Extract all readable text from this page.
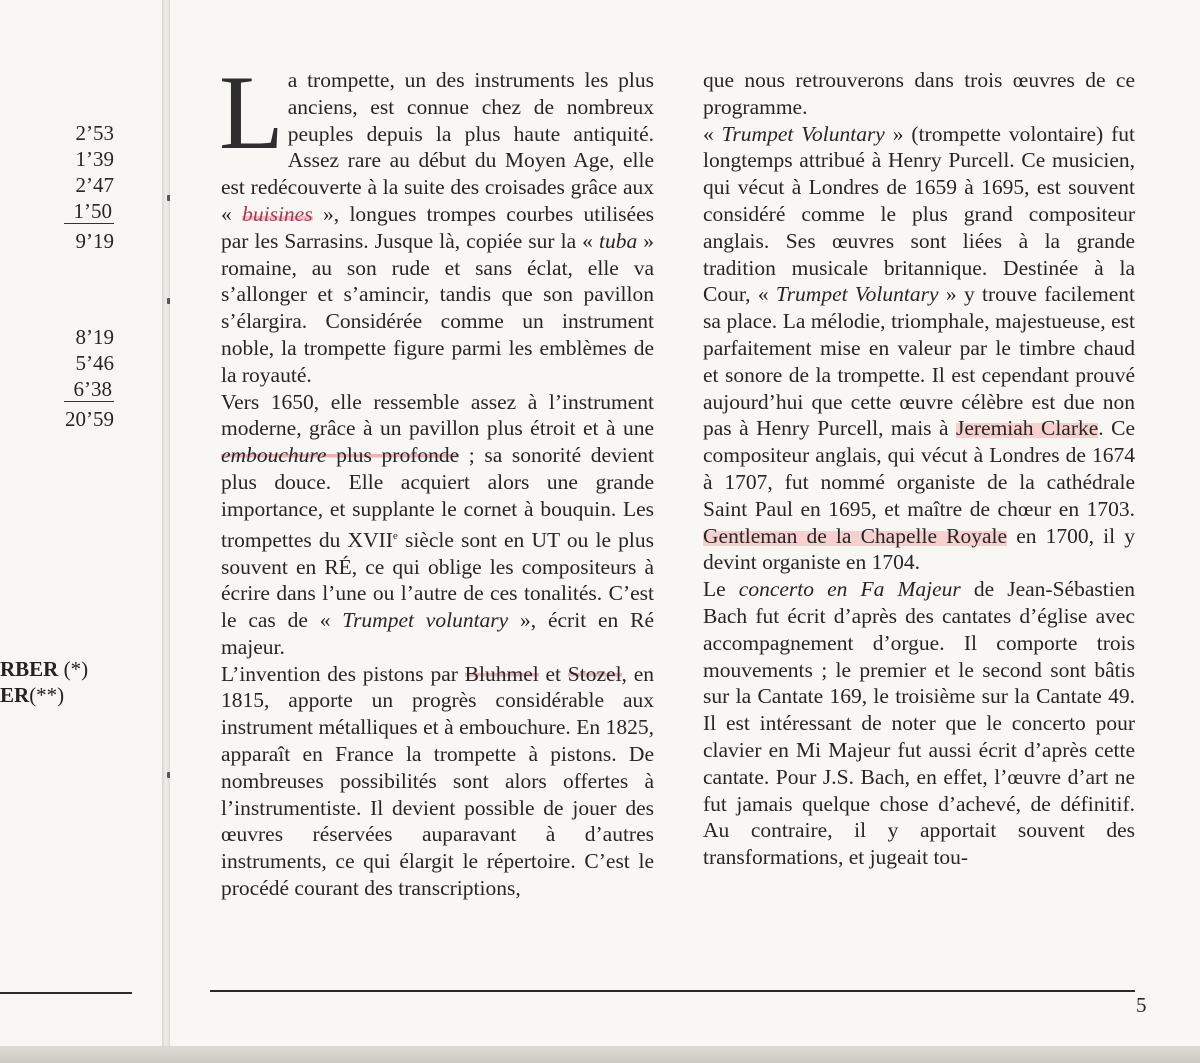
2’53
1’39
2’47
1’50
9’19
8’19
5’46
6’38
20’59
RBER (*)
ER(**)

La trompette, un des instruments les plus anciens, est connue chez de nombreux peuples depuis la plus haute antiquité. Assez rare au début du Moyen Age, elle est redécouverte à la suite des croisades grâce aux « buisines », longues trompes courbes utilisées par les Sarrasins. Jusque là, copiée sur la « tuba » romaine, au son rude et sans éclat, elle va s’allonger et s’amincir, tandis que son pavillon s’élargira. Considérée comme un instrument noble, la trompette figure parmi les emblèmes de la royauté.

Vers 1650, elle ressemble assez à l’instrument moderne, grâce à un pavillon plus étroit et à une embouchure plus profonde ; sa sonorité devient plus douce. Elle acquiert alors une grande importance, et supplante le cornet à bouquin. Les trompettes du XVIIe siècle sont en UT ou le plus souvent en RÉ, ce qui oblige les compositeurs à écrire dans l’une ou l’autre de ces tonalités. C’est le cas de « Trumpet voluntary », écrit en Ré majeur.

L’invention des pistons par Bluhmel et Stozel, en 1815, apporte un progrès considérable aux instrument métalliques et à embouchure. En 1825, apparaît en France la trompette à pistons. De nombreuses possibilités sont alors offertes à l’instrumentiste. Il devient possible de jouer des œuvres réservées auparavant à d’autres instruments, ce qui élargit le répertoire. C’est le procédé courant des transcriptions,

que nous retrouverons dans trois œuvres de ce programme.

« Trumpet Voluntary » (trompette volontaire) fut longtemps attribué à Henry Purcell. Ce musicien, qui vécut à Londres de 1659 à 1695, est souvent considéré comme le plus grand compositeur anglais. Ses œuvres sont liées à la grande tradition musicale britannique. Destinée à la Cour, « Trumpet Voluntary » y trouve facilement sa place. La mélodie, triomphale, majestueuse, est parfaitement mise en valeur par le timbre chaud et sonore de la trompette. Il est cependant prouvé aujourd’hui que cette œuvre célèbre est due non pas à Henry Purcell, mais à Jeremiah Clarke. Ce compositeur anglais, qui vécut à Londres de 1674 à 1707, fut nommé organiste de la cathédrale Saint Paul en 1695, et maître de chœur en 1703. Gentleman de la Chapelle Royale en 1700, il y devint organiste en 1704.

Le concerto en Fa Majeur de Jean-Sébastien Bach fut écrit d’après des cantates d’église avec accompagnement d’orgue. Il comporte trois mouvements ; le premier et le second sont bâtis sur la Cantate 169, le troisième sur la Cantate 49. Il est intéressant de noter que le concerto pour clavier en Mi Majeur fut aussi écrit d’après cette cantate. Pour J.S. Bach, en effet, l’œuvre d’art ne fut jamais quelque chose d’achevé, de définitif. Au contraire, il y apportait souvent des transformations, et jugeait tou-

5
